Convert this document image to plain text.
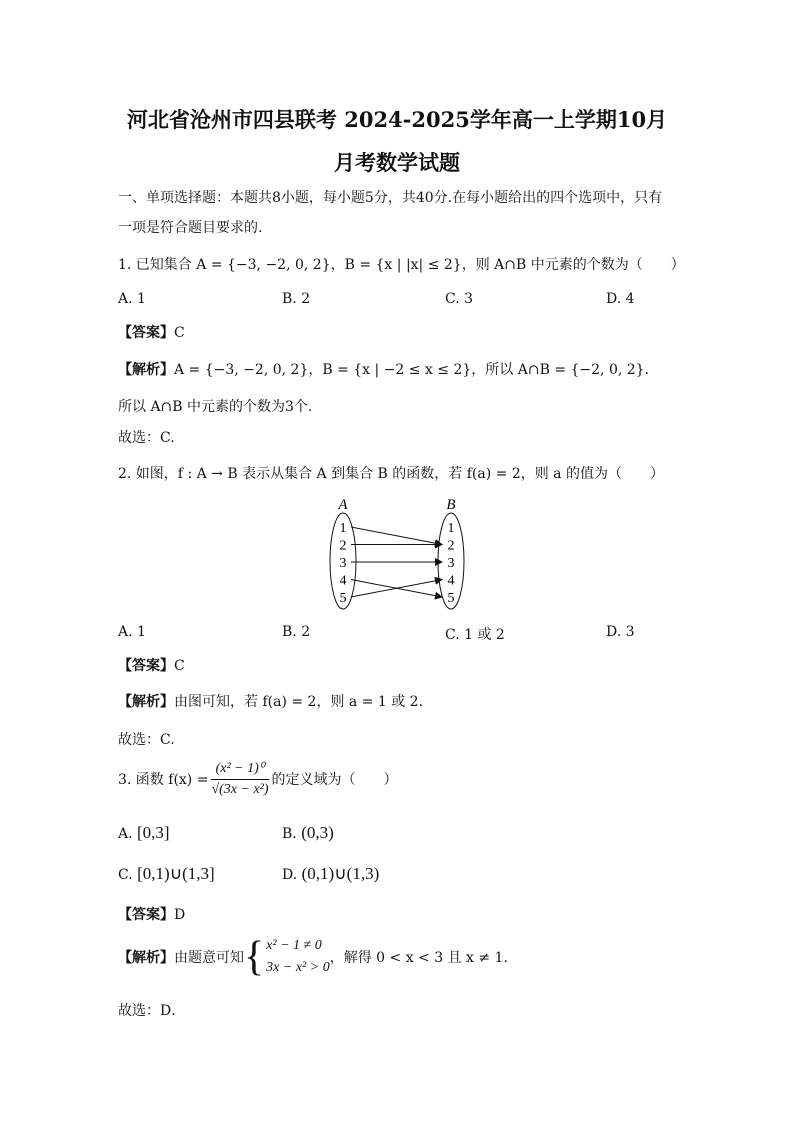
河北省沧州市四县联考 2024-2025学年高一上学期10月
月考数学试题
一、单项选择题：本题共8小题，每小题5分，共40分.在每小题给出的四个选项中，只有
一项是符合题目要求的.
1. 已知集合 A = {−3, −2, 0, 2}，B = {x | |x| ≤ 2}，则 A∩B 中元素的个数为（　　）
A. 1	B. 2	C. 3	D. 4
【答案】C
【解析】A = {−3, −2, 0, 2}，B = {x | −2 ≤ x ≤ 2}，所以 A∩B = {−2, 0, 2}.
所以 A∩B 中元素的个数为3个.
故选：C.
2. 如图，f : A → B 表示从集合 A 到集合 B 的函数，若 f(a) = 2，则 a 的值为（　　）
A	B
1
2
3
4
5
1
2
3
4
5
A. 1	B. 2	C. 1 或 2	D. 3
【答案】C
【解析】由图可知，若 f(a) = 2，则 a = 1 或 2.
故选：C.
3. 函数 $f(x) = \frac{\text{(x² − 1)⁰}}{\text{√(3x − x²)}}$ 的定义域为（　　）
A. [0,3]	B. (0,3)
C. [0,1)∪(1,3]	D. (0,1)∪(1,3)
【答案】D
【解析】 由题意可知 { x² − 1 ≠ 0
3x − x² > 0
，解得 0 < x < 3 且 x ≠ 1.
故选：D．
